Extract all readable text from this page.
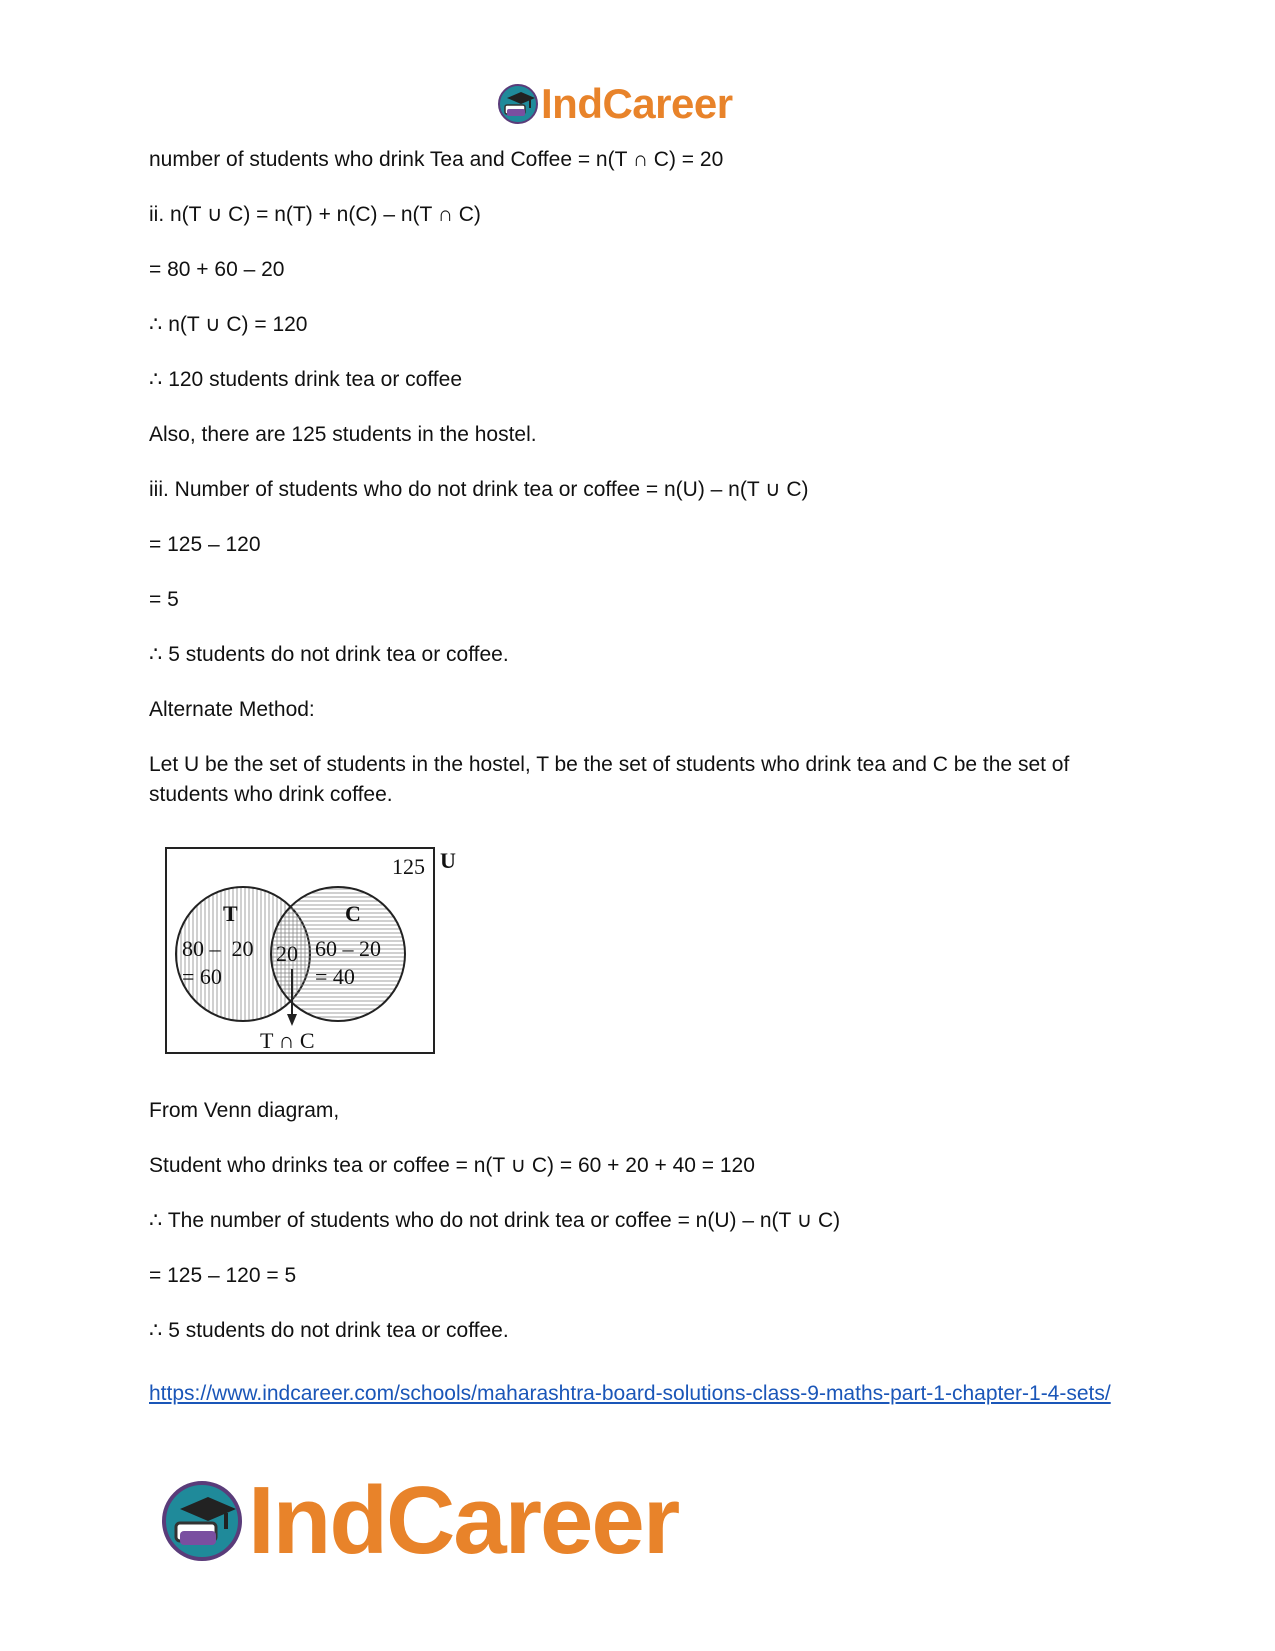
IndCareer

number of students who drink Tea and Coffee = n(T ∩ C) = 20

ii. n(T ∪ C) = n(T) + n(C) – n(T ∩ C)

= 80 + 60 – 20

∴ n(T ∪ C) = 120

∴ 120 students drink tea or coffee

Also, there are 125 students in the hostel.

iii. Number of students who do not drink tea or coffee = n(U) – n(T ∪ C)

= 125 – 120

= 5

∴ 5 students do not drink tea or coffee.

Alternate Method:

Let U be the set of students in the hostel, T be the set of students who drink tea and C be the set of students who drink coffee.

From Venn diagram,

Student who drinks tea or coffee = n(T ∪ C) = 60 + 20 + 40 = 120

∴ The number of students who do not drink tea or coffee = n(U) – n(T ∪ C)

= 125 – 120 = 5

∴ 5 students do not drink tea or coffee.

125 U
T	C
80 –  20
= 60
20 60 – 20
= 40
T ∩ C
https://www.indcareer.com/schools/maharashtra-board-solutions-class-9-maths-part-1-chapter-1-4-sets/
IndCareer
